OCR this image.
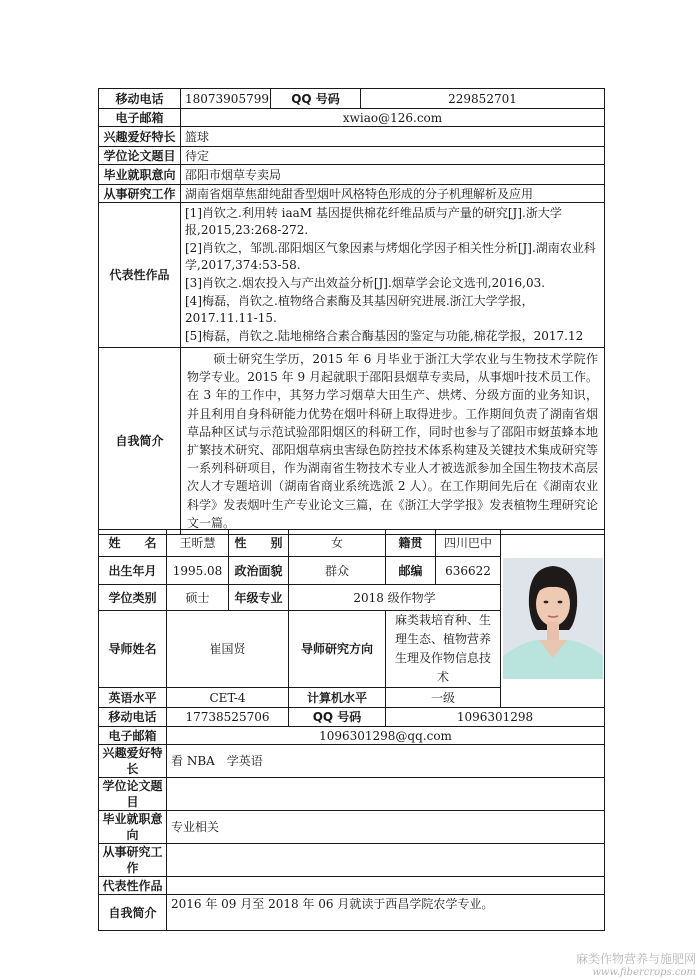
移动电话	18073905799	QQ 号码	229852701
电子邮箱	xwiao@126.com		
兴趣爱好特长	篮球		
学位论文题目	待定		
毕业就职意向	邵阳市烟草专卖局		
从事研究工作	湖南省烟草焦甜纯甜香型烟叶风格特色形成的分子机理解析及应用		
代表性作品	[1]肖钦之.利用转 iaaM 基因提供棉花纤维品质与产量的研究[J].浙大学报,2015,23:268-272.
[2]肖钦之，邹凯.邵阳烟区气象因素与烤烟化学因子相关性分析[J].湖南农业科学,2017,374:53-58.
[3]肖钦之.烟农投入与产出效益分析[J].烟草学会论文选刊,2016,03.
[4]梅磊，肖钦之.植物络合素酶及其基因研究进展.浙江大学学报，2017.11.11-15.
[5]梅磊，肖钦之.陆地棉络合素合酶基因的鉴定与功能,棉花学报，2017.12		

自我简介	硕士研究生学历，2015 年 6 月毕业于浙江大学农业与生物技术学院作物学专业。2015 年 9 月起就职于邵阳县烟草专卖局，从事烟叶技术员工作。在 3 年的工作中，其努力学习烟草大田生产、烘烤、分级方面的业务知识，并且利用自身科研能力优势在烟叶科研上取得进步。工作期间负责了湖南省烟草品种区试与示范试验邵阳烟区的科研工作，同时也参与了邵阳市蚜茧蜂本地扩繁技术研究、邵阳烟草病虫害绿色防控技术体系构建及关键技术集成研究等一系列科研项目，作为湖南省生物技术专业人才被选派参加全国生物技术高层次人才专题培训（湖南省商业系统选派 2 人）。在工作期间先后在《湖南农业科学》发表烟叶生产专业论文三篇，在《浙江大学学报》发表植物生理研究论文一篇。		
姓　　名	王昕慧	性　　别	女	籍贯	四川巴中	

出生年月	1995.08	政治面貌	群众	邮编	636622	
学位类别	硕士	年级专业	2018 级作物学			
导师姓名	崔国贤		导师研究方向	麻类栽培育种、生理生态、植物营养生理及作物信息技术		
英语水平	CET-4		计算机水平	一级		
移动电话	17738525706		QQ 号码	1096301298		
电子邮箱	1096301298@qq.com					
兴趣爱好特长	看 NBA　学英语					
学位论文题目						
毕业就职意向	专业相关					
从事研究工作						
代表性作品						
自我简介	2016 年 09 月至 2018 年 06 月就读于西昌学院农学专业。					
麻类作物营养与施肥网
www.fibercrops.com
